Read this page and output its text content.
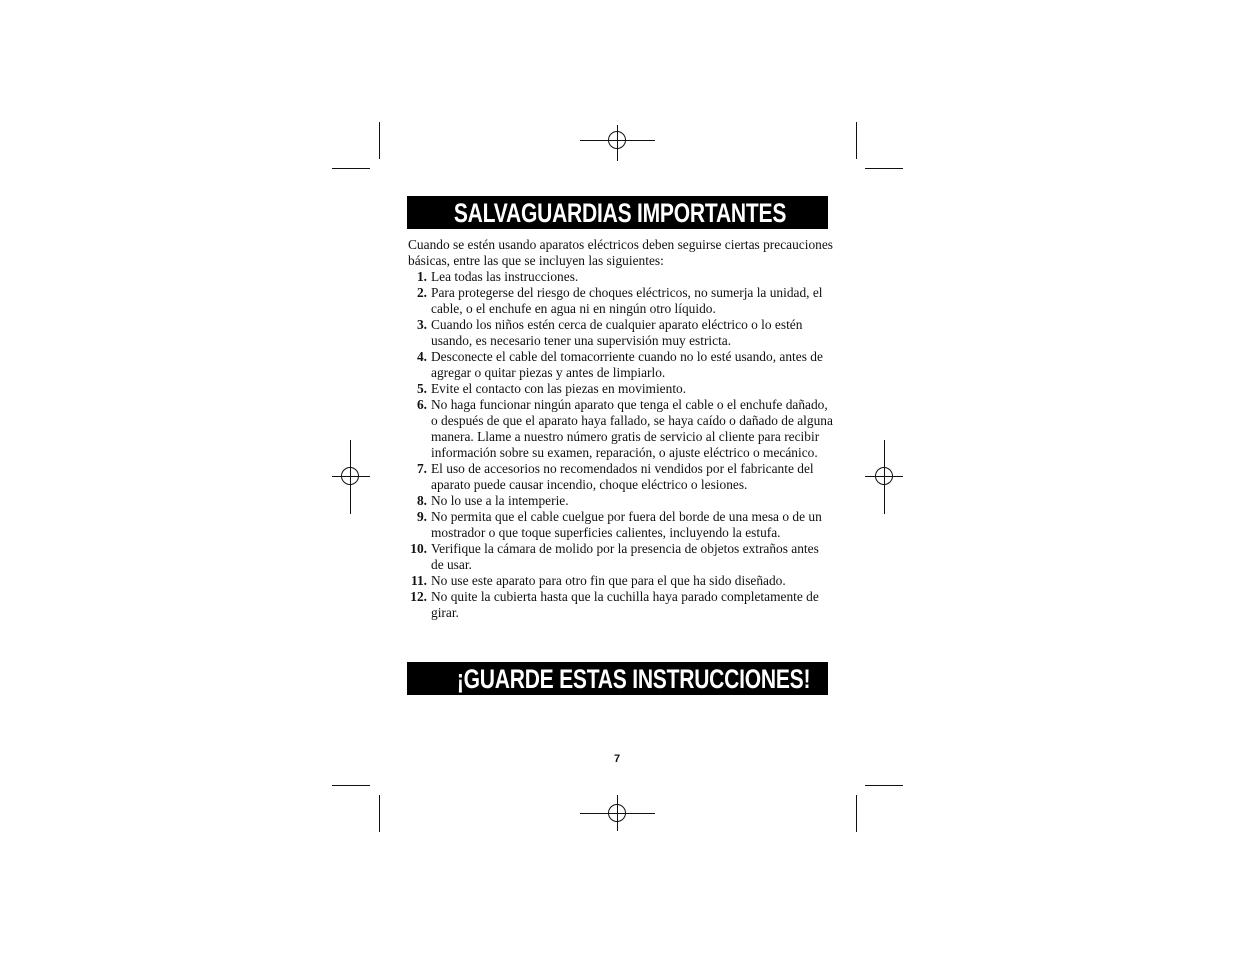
SALVAGUARDIAS IMPORTANTES

Cuando se estén usando aparatos eléctricos deben seguirse ciertas precauciones básicas, entre las que se incluyen las siguientes:

1. Lea todas las instrucciones.
2. Para protegerse del riesgo de choques eléctricos, no sumerja la unidad, el cable, o el enchufe en agua ni en ningún otro líquido.
3. Cuando los niños estén cerca de cualquier aparato eléctrico o lo estén usando, es necesario tener una supervisión muy estricta.
4. Desconecte el cable del tomacorriente cuando no lo esté usando, antes de agregar o quitar piezas y antes de limpiarlo.
5. Evite el contacto con las piezas en movimiento.
6. No haga funcionar ningún aparato que tenga el cable o el enchufe dañado, o después de que el aparato haya fallado, se haya caído o dañado de alguna manera. Llame a nuestro número gratis de servicio al cliente para recibir información sobre su examen, reparación, o ajuste eléctrico o mecánico.
7. El uso de accesorios no recomendados ni vendidos por el fabricante del aparato puede causar incendio, choque eléctrico o lesiones.
8. No lo use a la intemperie.
9. No permita que el cable cuelgue por fuera del borde de una mesa o de un mostrador o que toque superficies calientes, incluyendo la estufa.
10. Verifique la cámara de molido por la presencia de objetos extraños antes de usar.
11. No use este aparato para otro fin que para el que ha sido diseñado.
12. No quite la cubierta hasta que la cuchilla haya parado completamente de girar.
¡GUARDE ESTAS INSTRUCCIONES!
7
